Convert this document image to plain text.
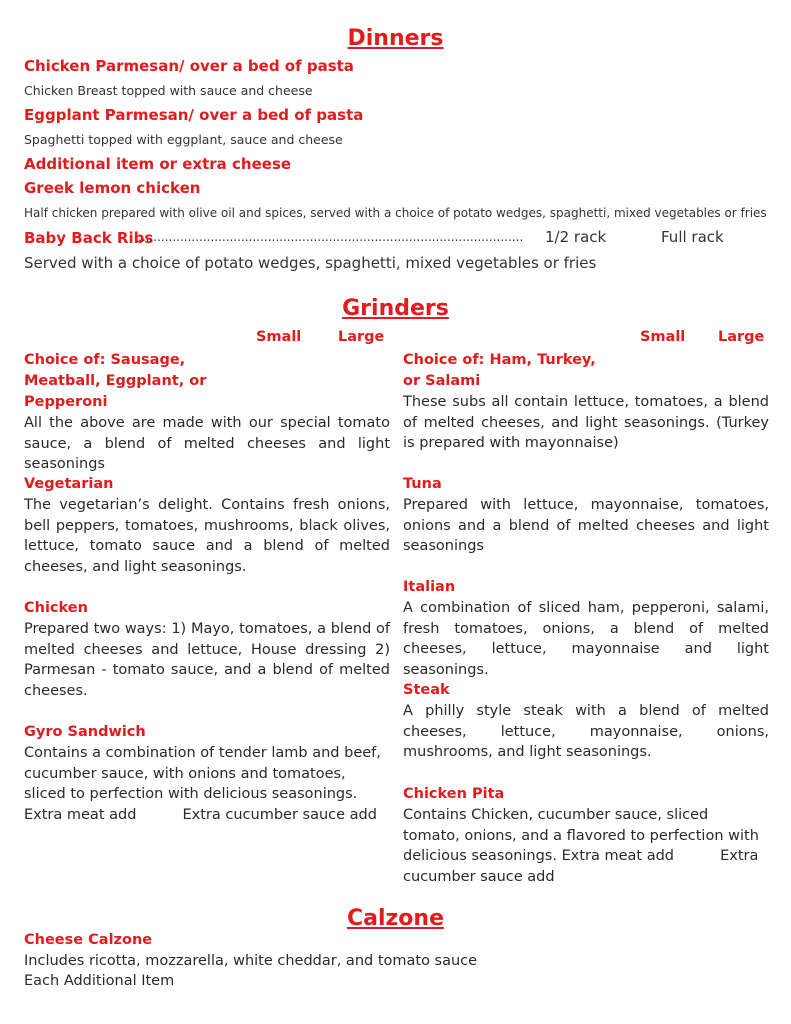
Dinners
Chicken Parmesan/ over a bed of pasta
Chicken Breast topped with sauce and cheese
Eggplant Parmesan/ over a bed of pasta
Spaghetti topped with eggplant, sauce and cheese
Additional item or extra cheese
Greek lemon chicken
Half chicken prepared with olive oil and spices, served with a choice of potato wedges, spaghetti, mixed vegetables or fries
Baby Back Ribs
.....................................................................................................	1/2 rack	Full rack
Served with a choice of potato wedges, spaghetti, mixed vegetables or fries
Grinders
Small	Large	Small Large
Choice of: Sausage, Meatball, Eggplant, or Pepperoni
All the above are made with our special tomato sauce, a blend of melted cheeses and light seasonings
Vegetarian
The vegetarian’s delight. Contains fresh onions, bell peppers, tomatoes, mushrooms, black olives, lettuce, tomato sauce and a blend of melted cheeses, and light seasonings.
Chicken
Prepared two ways: 1) Mayo, tomatoes, a blend of melted cheeses and lettuce, House dressing 2) Parmesan - tomato sauce, and a blend of melted cheeses.
Gyro Sandwich
Contains a combination of tender lamb and beef, cucumber sauce, with onions and tomatoes, sliced to perfection with delicious seasonings. Extra meat add          Extra cucumber sauce add
Choice of: Ham, Turkey, or Salami
These subs all contain lettuce, tomatoes, a blend of melted cheeses, and light seasonings. (Turkey is prepared with mayonnaise)
Tuna
Prepared with lettuce, mayonnaise, tomatoes, onions and a blend of melted cheeses and light seasonings
Italian
A combination of sliced ham, pepperoni, salami, fresh tomatoes, onions, a blend of melted cheeses, lettuce, mayonnaise and light seasonings.
Steak
A philly style steak with a blend of melted cheeses, lettuce, mayonnaise, onions, mushrooms, and light seasonings.
Chicken Pita
Contains Chicken, cucumber sauce, sliced tomato, onions, and a flavored to perfection with delicious seasonings. Extra meat add          Extra cucumber sauce add
Calzone
Cheese Calzone
Includes ricotta, mozzarella, white cheddar, and tomato sauce
Each Additional Item
